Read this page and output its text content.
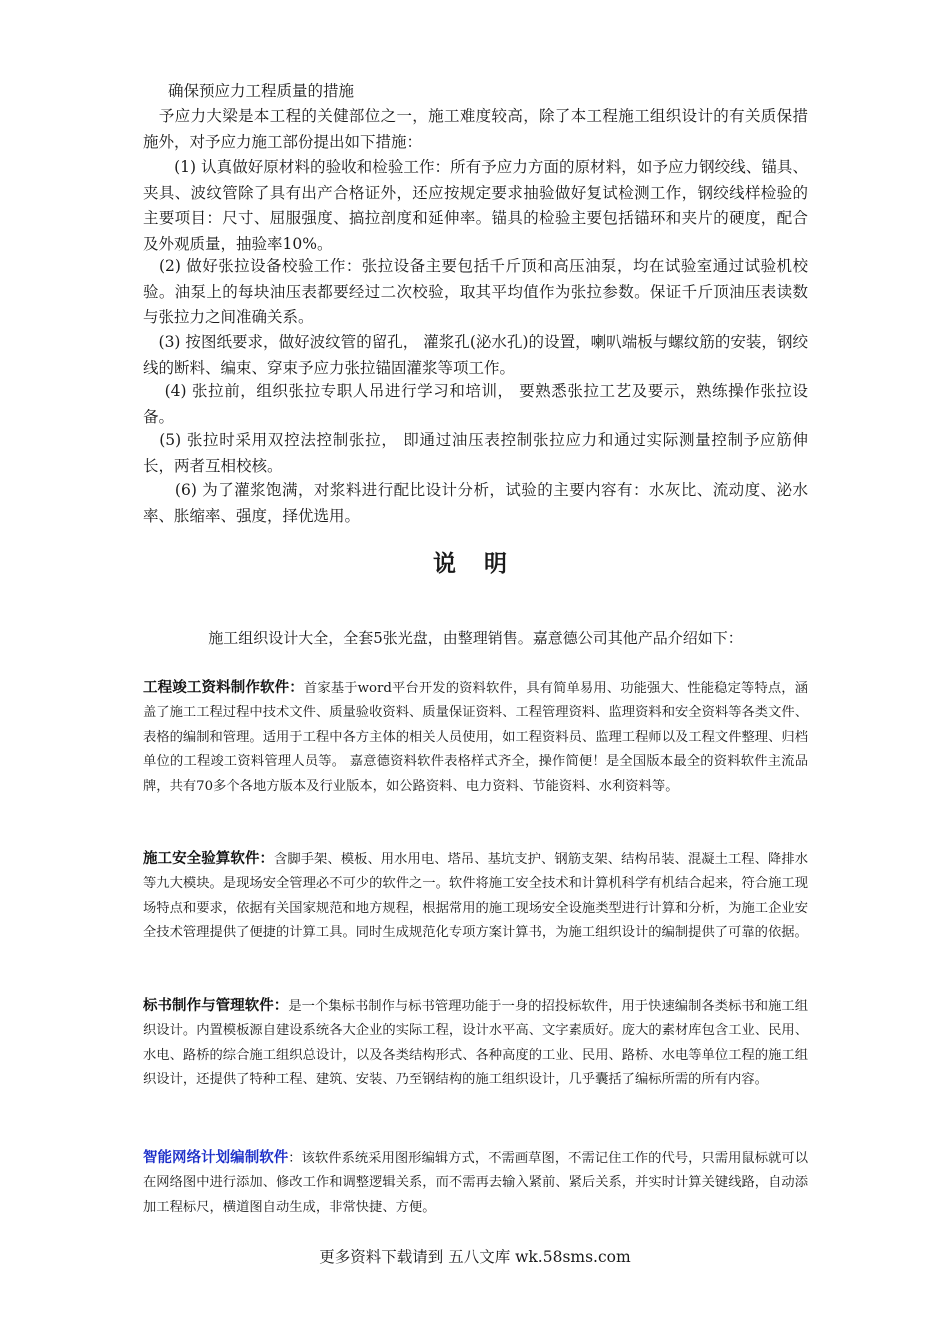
确保预应力工程质量的措施

　予应力大梁是本工程的关健部位之一，施工难度较高，除了本工程施工组织设计的有关质保措施外，对予应力施工部份提出如下措施：

　　(1) 认真做好原材料的验收和检验工作：所有予应力方面的原材料，如予应力钢绞线、锚具、夹具、波纹管除了具有出产合格证外，还应按规定要求抽验做好复试检测工作，钢绞线样检验的主要项目：尺寸、屈服强度、搞拉剖度和延伸率。锚具的检验主要包括锚环和夹片的硬度，配合及外观质量，抽验率10%。

　(2) 做好张拉设备校验工作：张拉设备主要包括千斤顶和高压油泵，均在试验室通过试验机校验。油泵上的每块油压表都要经过二次校验，取其平均值作为张拉参数。保证千斤顶油压表读数与张拉力之间准确关系。

　(3) 按图纸要求，做好波纹管的留孔， 灌浆孔(泌水孔)的设置，喇叭端板与螺纹筋的安装，钢绞线的断料、编束、穿束予应力张拉锚固灌浆等项工作。

　 (4) 张拉前，组织张拉专职人吊进行学习和培训， 要熟悉张拉工艺及要示，熟练操作张拉设备。

　(5) 张拉时采用双控法控制张拉， 即通过油压表控制张拉应力和通过实际测量控制予应筋伸长，两者互相校核。

　　(6) 为了灌浆饱满，对浆料进行配比设计分析，试验的主要内容有：水灰比、流动度、泌水率、胀缩率、强度，择优选用。

说 明

施工组织设计大全，全套5张光盘，由整理销售。嘉意德公司其他产品介绍如下：

工程竣工资料制作软件：首家基于word平台开发的资料软件，具有简单易用、功能强大、性能稳定等特点，涵盖了施工工程过程中技术文件、质量验收资料、质量保证资料、工程管理资料、监理资料和安全资料等各类文件、表格的编制和管理。适用于工程中各方主体的相关人员使用，如工程资料员、监理工程师以及工程文件整理、归档单位的工程竣工资料管理人员等。 嘉意德资料软件表格样式齐全，操作简便！是全国版本最全的资料软件主流品牌，共有70多个各地方版本及行业版本，如公路资料、电力资料、节能资料、水利资料等。

施工安全验算软件：含脚手架、模板、用水用电、塔吊、基坑支护、钢筋支架、结构吊装、混凝土工程、降排水等九大模块。是现场安全管理必不可少的软件之一。软件将施工安全技术和计算机科学有机结合起来，符合施工现场特点和要求，依据有关国家规范和地方规程，根据常用的施工现场安全设施类型进行计算和分析，为施工企业安全技术管理提供了便捷的计算工具。同时生成规范化专项方案计算书，为施工组织设计的编制提供了可靠的依据。

标书制作与管理软件：是一个集标书制作与标书管理功能于一身的招投标软件，用于快速编制各类标书和施工组织设计。内置模板源自建设系统各大企业的实际工程，设计水平高、文字素质好。庞大的素材库包含工业、民用、水电、路桥的综合施工组织总设计，以及各类结构形式、各种高度的工业、民用、路桥、水电等单位工程的施工组织设计，还提供了特种工程、建筑、安装、乃至钢结构的施工组织设计，几乎囊括了编标所需的所有内容。

智能网络计划编制软件：该软件系统采用图形编辑方式，不需画草图，不需记住工作的代号，只需用鼠标就可以在网络图中进行添加、修改工作和调整逻辑关系，而不需再去输入紧前、紧后关系，并实时计算关键线路，自动添加工程标尺，横道图自动生成，非常快捷、方便。

更多资料下载请到 五八文库 wk.58sms.com
